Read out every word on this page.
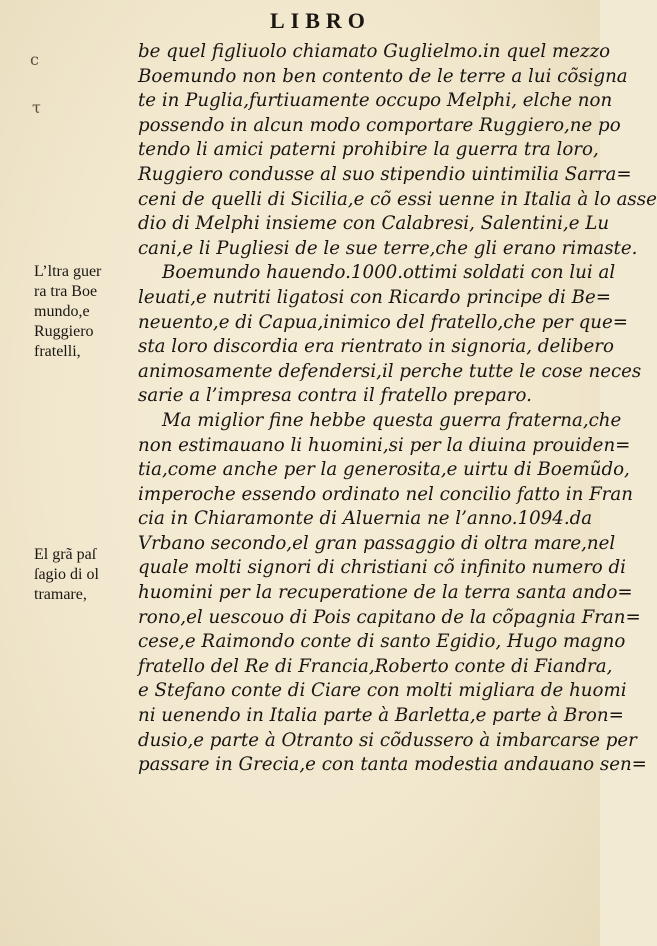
LIBRO
c
τ
be quel figliuolo chiamato Guglielmo.in quel mezzo
Boemundo non ben contento de le terre a lui cõsigna
te in Puglia,furtiuamente occupo Melphi, elche non
possendo in alcun modo comportare Ruggiero,ne po
tendo li amici paterni prohibire la guerra tra loro,
Ruggiero condusse al suo stipendio uintimilia Sarra=
ceni de quelli di Sicilia,e cõ essi uenne in Italia à lo asse
dio di Melphi insieme con Calabresi, Salentini,e Lu
cani,e li Pugliesi de le sue terre,che gli erano rimaste.
Boemundo hauendo.1000.ottimi soldati con lui al
leuati,e nutriti ligatosi con Ricardo principe di Be=
neuento,e di Capua,inimico del fratello,che per que=
sta loro discordia era rientrato in signoria, delibero
animosamente defendersi,il perche tutte le cose neces
sarie a l’impresa contra il fratello preparo.
Ma miglior fine hebbe questa guerra fraterna,che
non estimauano li huomini,si per la diuina prouiden=
tia,come anche per la generosita,e uirtu di Boemũdo,
imperoche essendo ordinato nel concilio fatto in Fran
cia in Chiaramonte di Aluernia ne l’anno.1094.da
Vrbano secondo,el gran passaggio di oltra mare,nel
quale molti signori di christiani cõ infinito numero di
huomini per la recuperatione de la terra santa ando=
rono,el uescouo di Pois capitano de la cõpagnia Fran=
cese,e Raimondo conte di santo Egidio, Hugo magno
fratello del Re di Francia,Roberto conte di Fiandra,
e Stefano conte di Ciare con molti migliara de huomi
ni uenendo in Italia parte à Barletta,e parte à Bron=
dusio,e parte à Otranto si cõdussero à imbarcarse per
passare in Grecia,e con tanta modestia andauano sen=
L’ltra guer
ra tra Boe
mundo,e
Ruggiero
fratelli,
El grã paſ
ſagio di ol
tramare,
